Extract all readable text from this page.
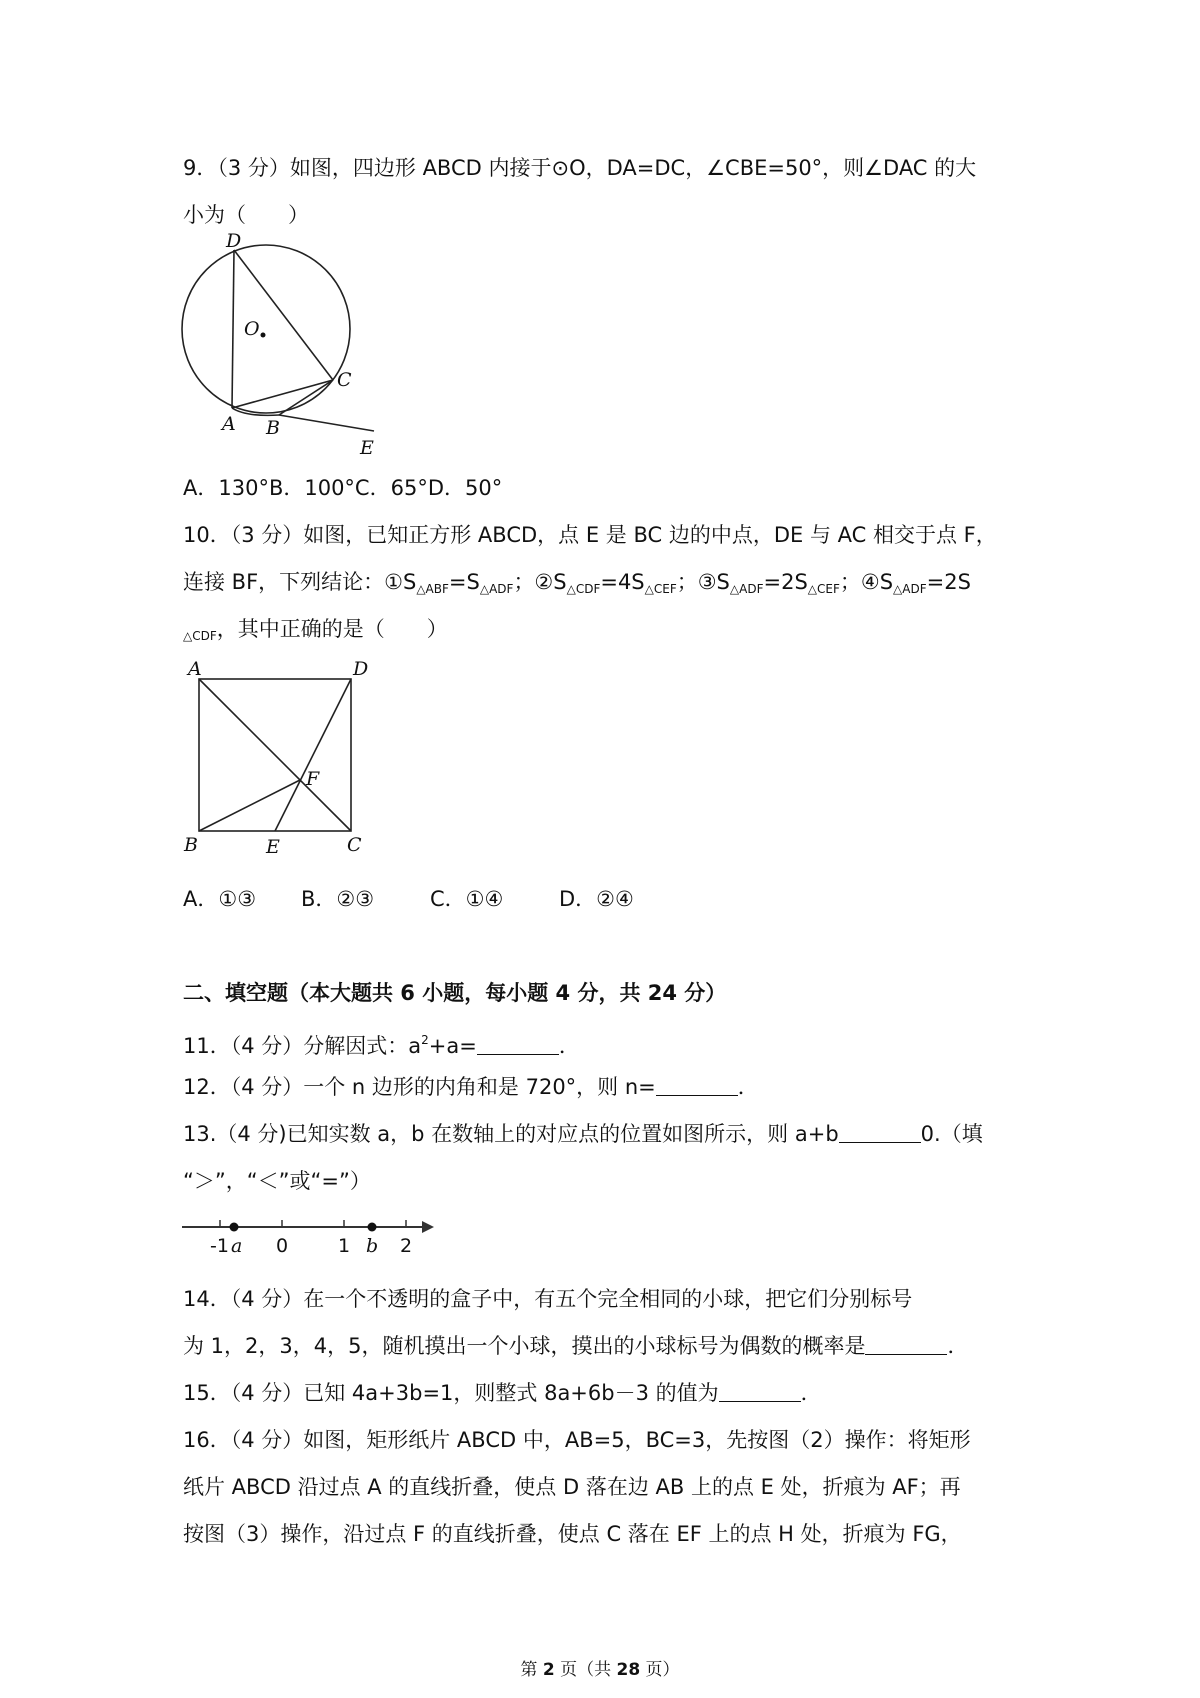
9．（3 分）如图，四边形 ABCD 内接于⊙O，DA=DC，∠CBE=50°，则∠DAC 的大
小为（　　）
D
O
C
A B
E
A．130°B．100°C．65°D．50°
10．（3 分）如图，已知正方形 ABCD，点 E 是 BC 边的中点，DE 与 AC 相交于点 F，
连接 BF，下列结论：$①S_{\triangle ABF}=S_{\triangle ADF}$；$②S_{\triangle CDF}=4S_{\triangle CEF}$；$③S_{\triangle ADF}=2S_{\triangle CEF}$；$④S_{\triangle ADF}=2S$
$_{\triangle CDF}$，其中正确的是（　　）
A	D
F
B	E	C
A．①③ B．②③	C．①④	D．②④
二、填空题（本大题共 6 小题，每小题 4 分，共 24 分）
11．（4 分）分解因式：$a^2+a=$	．
12．（4 分）一个 n 边形的内角和是 720°，则 n=	．
13.（4 分)已知实数 a，b 在数轴上的对应点的位置如图所示，则 a+b	0.（填
“＞”，“＜”或“=”）
-1 a 0	1 b 2
14．（4 分）在一个不透明的盒子中，有五个完全相同的小球，把它们分别标号
为 1，2，3，4，5，随机摸出一个小球，摸出的小球标号为偶数的概率是	．
15．（4 分）已知 4a+3b=1，则整式 8a+6b－3 的值为	．
16．（4 分）如图，矩形纸片 ABCD 中，AB=5，BC=3，先按图（2）操作：将矩形
纸片 ABCD 沿过点 A 的直线折叠，使点 D 落在边 AB 上的点 E 处，折痕为 AF；再
按图（3）操作，沿过点 F 的直线折叠，使点 C 落在 EF 上的点 H 处，折痕为 FG，
第 2 页（共 28 页）
